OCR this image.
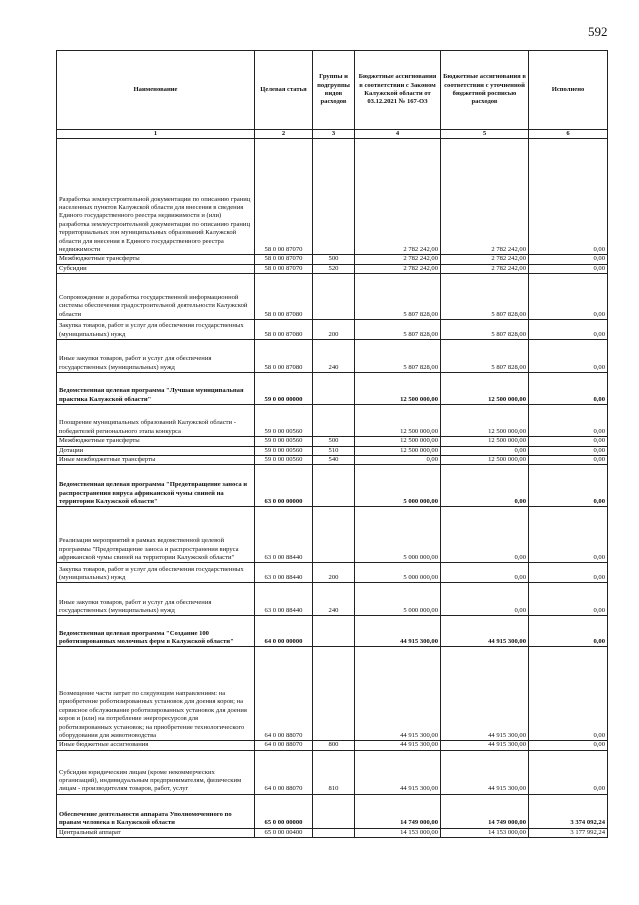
592
Наименование	Целевая статья	Группы и подгруппы видов расходов	Бюджетные ассигнования в соответствии с Законом Калужской области от 03.12.2021 № 167-ОЗ	Бюджетные ассигнования в соответствии с уточненной бюджетной росписью расходов	Исполнено
1	2	3	4	5	6
Разработка землеустроительной документации по описанию границ населенных пунктов Калужской области для внесения в сведения Единого государственного реестра недвижимости и (или) разработка землеустроительной документации по описанию границ территориальных зон муниципальных образований Калужской области для внесения в Единого государственного реестра недвижимости	58 0 00 87070		2 782 242,00	2 782 242,00	0,00
Межбюджетные трансферты	58 0 00 87070	500	2 782 242,00	2 782 242,00	0,00
Субсидии	58 0 00 87070	520	2 782 242,00	2 782 242,00	0,00
Сопровождение и доработка государственной информационной системы обеспечения градостроительной деятельности Калужской области	58 0 00 87080		5 807 828,00	5 807 828,00	0,00
Закупка товаров, работ и услуг для обеспечения государственных (муниципальных) нужд	58 0 00 87080	200	5 807 828,00	5 807 828,00	0,00
Иные закупки товаров, работ и услуг для обеспечения государственных (муниципальных) нужд	58 0 00 87080	240	5 807 828,00	5 807 828,00	0,00
Ведомственная целевая программа "Лучшая муниципальная практика Калужской области"	59 0 00 00000		12 500 000,00	12 500 000,00	0,00
Поощрение муниципальных образований Калужской области - победителей регионального этапа конкурса	59 0 00 00560		12 500 000,00	12 500 000,00	0,00
Межбюджетные трансферты	59 0 00 00560	500	12 500 000,00	12 500 000,00	0,00
Дотации	59 0 00 00560	510	12 500 000,00	0,00	0,00
Иные межбюджетные трансферты	59 0 00 00560	540	0,00	12 500 000,00	0,00
Ведомственная целевая программа "Предотвращение заноса и распространения вируса африканской чумы свиней на территории Калужской области"	63 0 00 00000		5 000 000,00	0,00	0,00
Реализация мероприятий в рамках ведомственной целевой программы "Предотвращение заноса и распространения вируса африканской чумы свиней на территории Калужской области"	63 0 00 88440		5 000 000,00	0,00	0,00
Закупка товаров, работ и услуг для обеспечения государственных (муниципальных) нужд	63 0 00 88440	200	5 000 000,00	0,00	0,00
Иные закупки товаров, работ и услуг для обеспечения государственных (муниципальных) нужд	63 0 00 88440	240	5 000 000,00	0,00	0,00
Ведомственная целевая программа "Создание 100 роботизированных молочных ферм в Калужской области"	64 0 00 00000		44 915 300,00	44 915 300,00	0,00
Возмещение части затрат по следующим направлениям: на приобретение роботизированных установок для доения коров; на сервисное обслуживание роботизированных установок для доения коров и (или) на потребление энергоресурсов для роботизированных установок; на приобретение технологического оборудования для животноводства	64 0 00 88070		44 915 300,00	44 915 300,00	0,00
Иные бюджетные ассигнования	64 0 00 88070	800	44 915 300,00	44 915 300,00	0,00
Субсидии юридическим лицам (кроме некоммерческих организаций), индивидуальным предпринимателям, физическим лицам - производителям товаров, работ, услуг	64 0 00 88070	810	44 915 300,00	44 915 300,00	0,00
Обеспечение деятельности аппарата Уполномоченного по правам человека в Калужской области	65 0 00 00000		14 749 000,00	14 749 000,00	3 374 092,24
Центральный аппарат	65 0 00 00400		14 153 000,00	14 153 000,00	3 177 992,24
